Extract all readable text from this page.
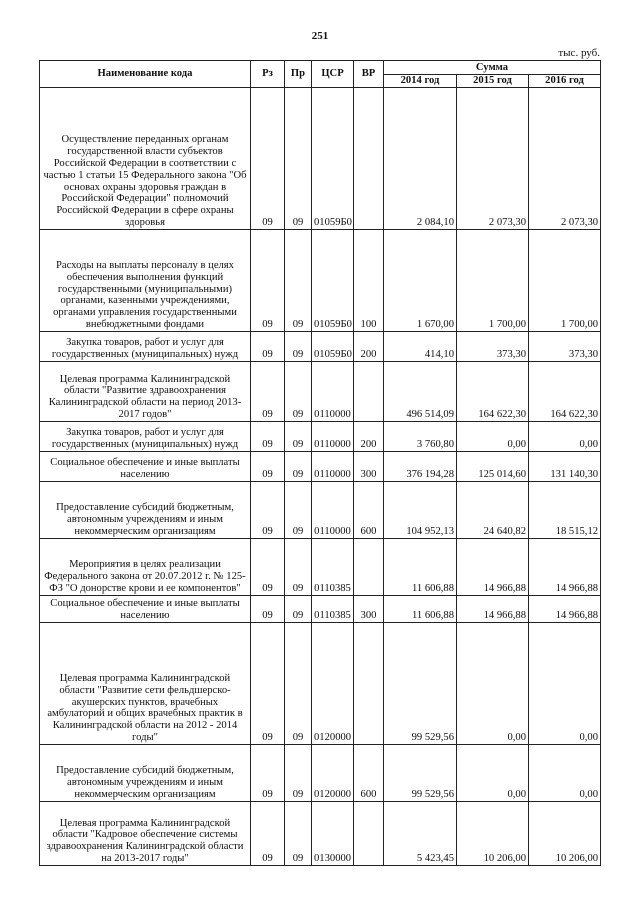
251
тыс. руб.
Наименование кода	Рз	Пр	ЦСР	ВР	Сумма		
					2014 год	2015 год	2016 год
Осуществление переданных органам государственной власти субъектов Российской Федерации в соответствии с частью 1 статьи 15 Федерального закона "Об основах охраны здоровья граждан в Российской Федерации" полномочий Российской Федерации в сфере охраны здоровья	09	09	01059Б0		2 084,10	2 073,30	2 073,30
Расходы на выплаты персоналу в целях обеспечения выполнения функций государственными (муниципальными) органами, казенными учреждениями, органами управления государственными внебюджетными фондами	09	09	01059Б0	100	1 670,00	1 700,00	1 700,00
Закупка товаров, работ и услуг для государственных (муниципальных) нужд	09	09	01059Б0	200	414,10	373,30	373,30
Целевая программа Калининградской области "Развитие здравоохранения Калининградской области на период 2013-2017 годов"	09	09	0110000		496 514,09	164 622,30	164 622,30
Закупка товаров, работ и услуг для государственных (муниципальных) нужд	09	09	0110000	200	3 760,80	0,00	0,00
Социальное обеспечение и иные выплаты населению	09	09	0110000	300	376 194,28	125 014,60	131 140,30
Предоставление субсидий бюджетным, автономным учреждениям и иным некоммерческим организациям	09	09	0110000	600	104 952,13	24 640,82	18 515,12
Мероприятия в целях реализации Федерального закона от 20.07.2012 г. № 125-ФЗ "О донорстве крови и ее компонентов"	09	09	0110385		11 606,88	14 966,88	14 966,88
Социальное обеспечение и иные выплаты населению	09	09	0110385	300	11 606,88	14 966,88	14 966,88
Целевая программа Калининградской области "Развитие сети фельдшерско-акушерских пунктов, врачебных амбулаторий и общих врачебных практик в Калининградской области на 2012 - 2014 годы"	09	09	0120000		99 529,56	0,00	0,00
Предоставление субсидий бюджетным, автономным учреждениям и иным некоммерческим организациям	09	09	0120000	600	99 529,56	0,00	0,00
Целевая программа Калининградской области "Кадровое обеспечение системы здравоохранения Калининградской области на 2013-2017 годы"	09	09	0130000		5 423,45	10 206,00	10 206,00
